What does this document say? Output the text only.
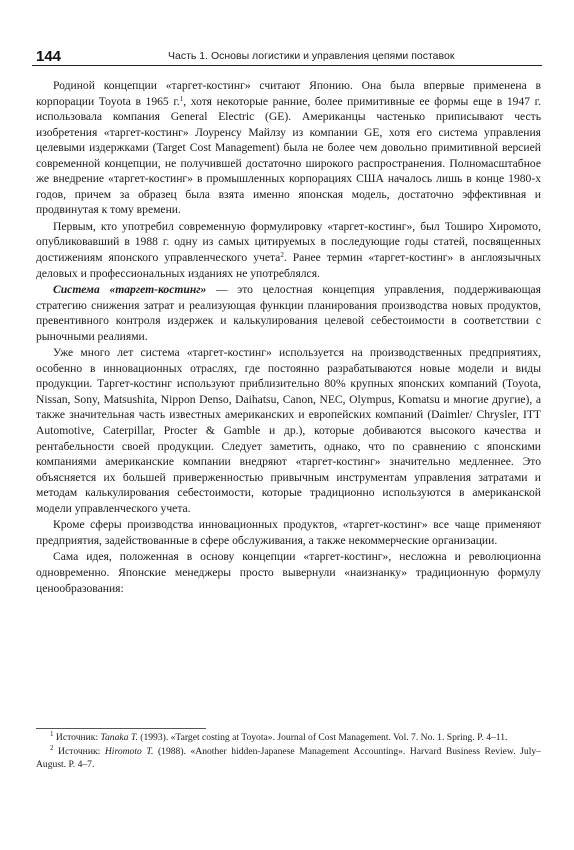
144	Часть 1. Основы логистики и управления цепями поставок

Родиной концепции «таргет-костинг» считают Японию. Она была впервые применена в корпорации Toyota в 1965 г.$^1$, хотя некоторые ранние, более примитивные ее формы еще в 1947 г. использовала компания General Electric (GE). Американцы частенько приписывают честь изобретения «таргет-костинг» Лоуренсу Майлзу из компании GE, хотя его система управления целевыми издержками (Target Cost Management) была не более чем довольно примитивной версией современной концепции, не получившей достаточно широкого распространения. Полномасштабное же внедрение «таргет-костинг» в промышленных корпорациях США началось лишь в конце 1980-х годов, причем за образец была взята именно японская модель, достаточно эффективная и продвинутая к тому времени.

Первым, кто употребил современную формулировку «таргет-костинг», был Тоширо Хиромото, опубликовавший в 1988 г. одну из самых цитируемых в последующие годы статей, посвященных достижениям японского управленческого учета$^2$. Ранее термин «таргет-костинг» в англоязычных деловых и профессиональных изданиях не употреблялся.

Система «таргет-костинг» — это целостная концепция управления, поддерживающая стратегию снижения затрат и реализующая функции планирования производства новых продуктов, превентивного контроля издержек и калькулирования целевой себестоимости в соответствии с рыночными реалиями.

Уже много лет система «таргет-костинг» используется на производственных предприятиях, особенно в инновационных отраслях, где постоянно разрабатываются новые модели и виды продукции. Таргет-костинг используют приблизительно 80% крупных японских компаний (Toyota, Nissan, Sony, Matsushita, Nippon Denso, Daihatsu, Canon, NEC, Olympus, Komatsu и многие другие), а также значительная часть известных американских и европейских компаний (Daimler/ Chrysler, ITT Automotive, Caterpillar, Procter & Gamble и др.), которые добиваются высокого качества и рентабельности своей продукции. Следует заметить, однако, что по сравнению с японскими компаниями американские компании внедряют «таргет-костинг» значительно медленнее. Это объясняется их большей приверженностью привычным инструментам управления затратами и методам калькулирования себестоимости, которые традиционно используются в американской модели управленческого учета.

Кроме сферы производства инновационных продуктов, «таргет-костинг» все чаще применяют предприятия, задействованные в сфере обслуживания, а также некоммерческие организации.

Сама идея, положенная в основу концепции «таргет-костинг», несложна и революционна одновременно. Японские менеджеры просто вывернули «наизнанку» традиционную формулу ценообразования:

$^1$ Источник: Tanaka T. (1993). «Target costing at Toyota». Journal of Cost Management. Vol. 7. No. 1. Spring. P. 4–11.

$^2$ Источник: Hiromoto T. (1988). «Another hidden-Japanese Management Accounting». Harvard Business Review. July–August. P. 4–7.
